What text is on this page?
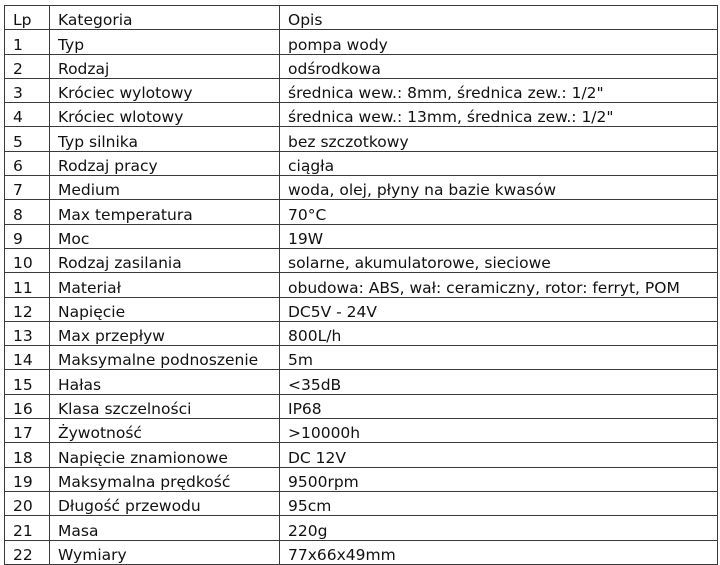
Lp	Kategoria	Opis
1	Typ	pompa wody
2	Rodzaj	odśrodkowa
3	Króciec wylotowy	średnica wew.: 8mm, średnica zew.: 1/2"
4	Króciec wlotowy	średnica wew.: 13mm, średnica zew.: 1/2"
5	Typ silnika	bez szczotkowy
6	Rodzaj pracy	ciągła
7	Medium	woda, olej, płyny na bazie kwasów
8	Max temperatura	70°C
9	Moc	19W
10	Rodzaj zasilania	solarne, akumulatorowe, sieciowe
11	Materiał	obudowa: ABS, wał: ceramiczny, rotor: ferryt, POM
12	Napięcie	DC5V - 24V
13	Max przepływ	800L/h
14	Maksymalne podnoszenie	5m
15	Hałas	<35dB
16	Klasa szczelności	IP68
17	Żywotność	>10000h
18	Napięcie znamionowe	DC 12V
19	Maksymalna prędkość	9500rpm
20	Długość przewodu	95cm
21	Masa	220g
22	Wymiary	77x66x49mm
